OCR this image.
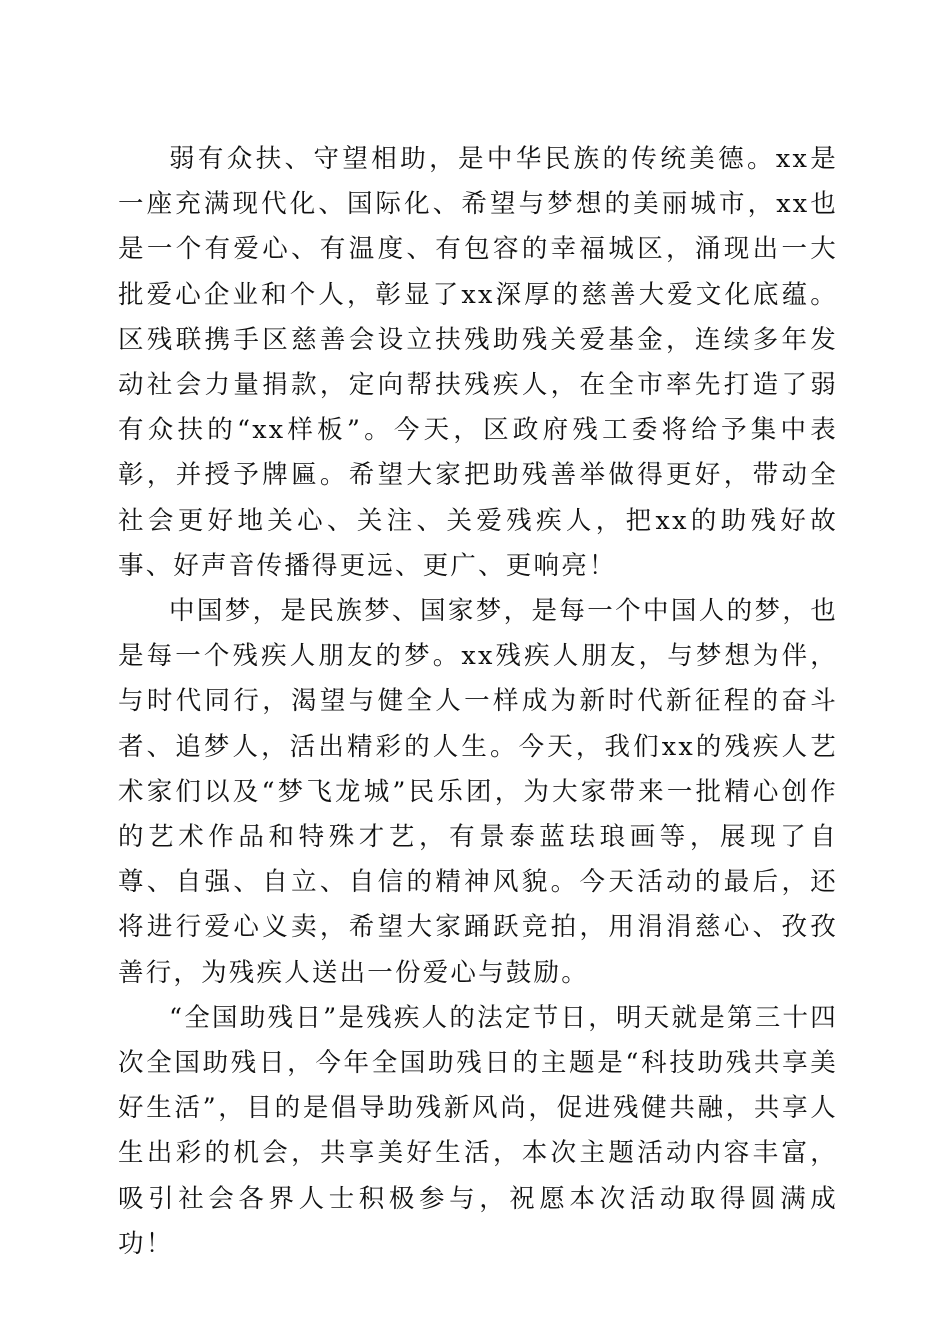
弱有众扶、守望相助，是中华民族的传统美德。xx是一座充满现代化、国际化、希望与梦想的美丽城市，xx也是一个有爱心、有温度、有包容的幸福城区，涌现出一大批爱心企业和个人，彰显了xx深厚的慈善大爱文化底蕴。区残联携手区慈善会设立扶残助残关爱基金，连续多年发动社会力量捐款，定向帮扶残疾人，在全市率先打造了弱有众扶的“xx样板”。今天，区政府残工委将给予集中表彰，并授予牌匾。希望大家把助残善举做得更好，带动全社会更好地关心、关注、关爱残疾人，把xx的助残好故事、好声音传播得更远、更广、更响亮！

中国梦，是民族梦、国家梦，是每一个中国人的梦，也是每一个残疾人朋友的梦。xx残疾人朋友，与梦想为伴，与时代同行，渴望与健全人一样成为新时代新征程的奋斗者、追梦人，活出精彩的人生。今天，我们xx的残疾人艺术家们以及“梦飞龙城”民乐团，为大家带来一批精心创作的艺术作品和特殊才艺，有景泰蓝珐琅画等，展现了自尊、自强、自立、自信的精神风貌。今天活动的最后，还将进行爱心义卖，希望大家踊跃竞拍，用涓涓慈心、孜孜善行，为残疾人送出一份爱心与鼓励。

“全国助残日”是残疾人的法定节日，明天就是第三十四次全国助残日，今年全国助残日的主题是“科技助残共享美好生活”，目的是倡导助残新风尚，促进残健共融，共享人生出彩的机会，共享美好生活，本次主题活动内容丰富，吸引社会各界人士积极参与，祝愿本次活动取得圆满成功！
